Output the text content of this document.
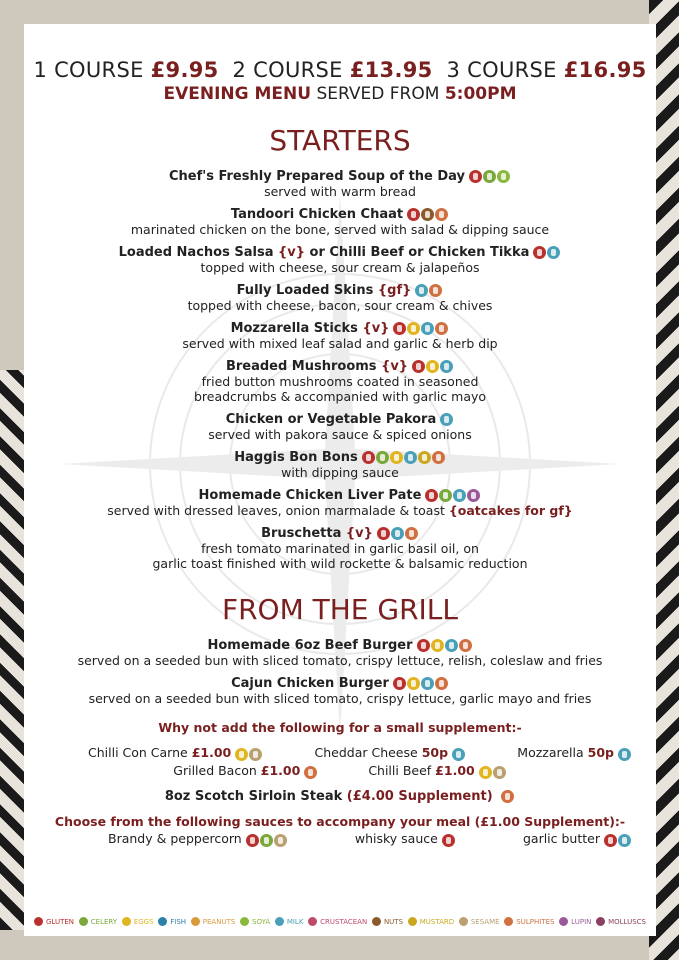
1 COURSE £9.95 2 COURSE £13.95 3 COURSE £16.95
EVENING MENU SERVED FROM 5:00PM
STARTERS
Chef's Freshly Prepared Soup of the Day
served with warm bread
Tandoori Chicken Chaat
marinated chicken on the bone, served with salad & dipping sauce
Loaded Nachos Salsa {v} or Chilli Beef or Chicken Tikka
topped with cheese, sour cream & jalapeños
Fully Loaded Skins {gf}
topped with cheese, bacon, sour cream & chives
Mozzarella Sticks {v}
served with mixed leaf salad and garlic & herb dip
Breaded Mushrooms {v}
fried button mushrooms coated in seasoned
breadcrumbs & accompanied with garlic mayo
Chicken or Vegetable Pakora
served with pakora sauce & spiced onions
Haggis Bon Bons
with dipping sauce
Homemade Chicken Liver Pate
served with dressed leaves, onion marmalade & toast {oatcakes for gf}
Bruschetta {v}
fresh tomato marinated in garlic basil oil, on
garlic toast finished with wild rockette & balsamic reduction
FROM THE GRILL
Homemade 6oz Beef Burger
served on a seeded bun with sliced tomato, crispy lettuce, relish, coleslaw and fries
Cajun Chicken Burger
served on a seeded bun with sliced tomato, crispy lettuce, garlic mayo and fries
Why not add the following for a small supplement:-
Chilli Con Carne £1.00	Cheddar Cheese 50p	Mozzarella 50p
Grilled Bacon £1.00	Chilli Beef £1.00
8oz Scotch Sirloin Steak (£4.00 Supplement)
Choose from the following sauces to accompany your meal (£1.00 Supplement):-
Brandy & peppercorn	whisky sauce	garlic butter
GLUTEN CELERY EGGS FISH PEANUTS SOYA MILK CRUSTACEAN NUTS MUSTARD SESAME SULPHITES LUPIN MOLLUSCS
